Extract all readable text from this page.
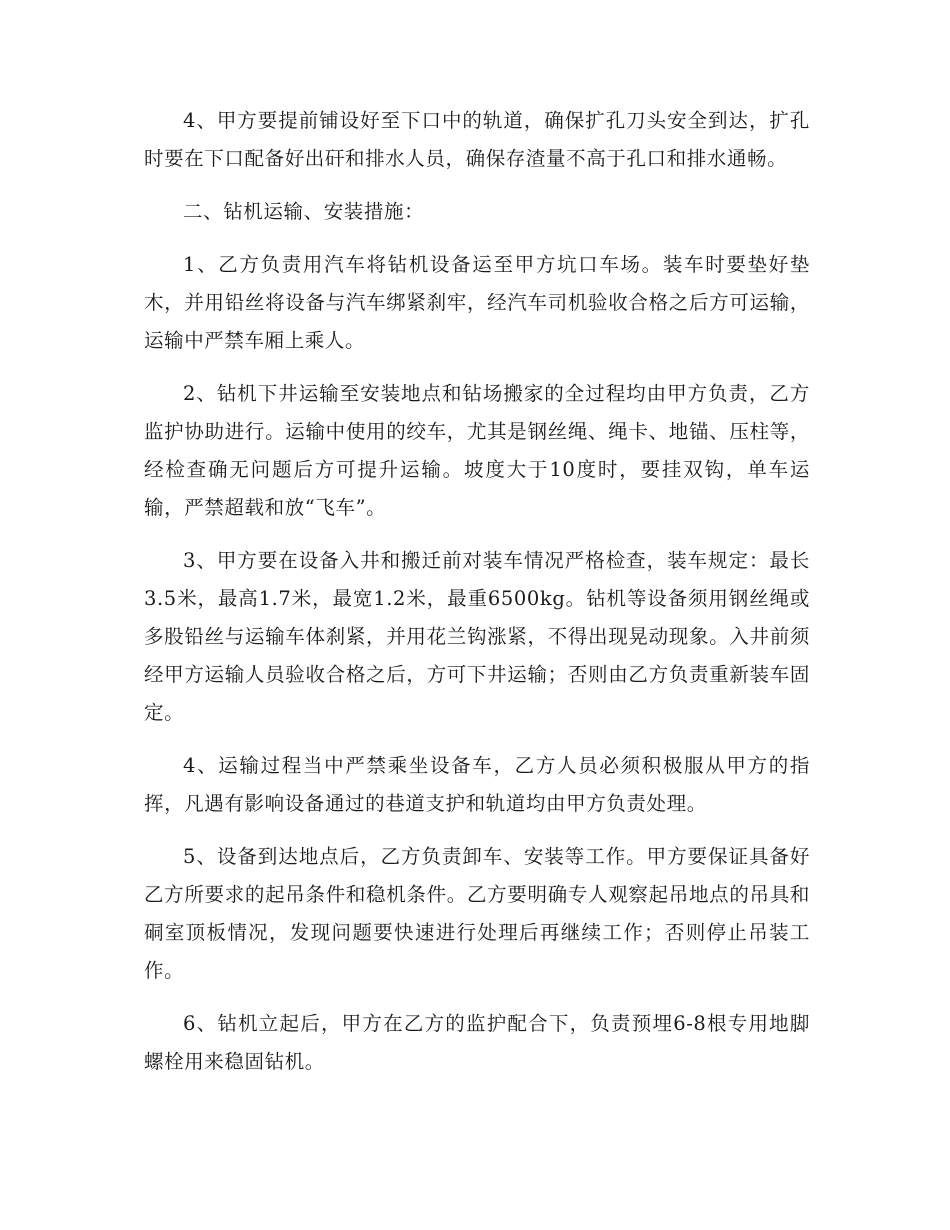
4、甲方要提前铺设好至下口中的轨道，确保扩孔刀头安全到达，扩孔时要在下口配备好出矸和排水人员，确保存渣量不高于孔口和排水通畅。

二、钻机运输、安装措施：

1、乙方负责用汽车将钻机设备运至甲方坑口车场。装车时要垫好垫木，并用铅丝将设备与汽车绑紧刹牢，经汽车司机验收合格之后方可运输，运输中严禁车厢上乘人。

2、钻机下井运输至安装地点和钻场搬家的全过程均由甲方负责，乙方监护协助进行。运输中使用的绞车，尤其是钢丝绳、绳卡、地锚、压柱等，经检查确无问题后方可提升运输。坡度大于10度时，要挂双钩，单车运输，严禁超载和放“飞车”。

3、甲方要在设备入井和搬迁前对装车情况严格检查，装车规定：最长3.5米，最高1.7米，最宽1.2米，最重6500kg。钻机等设备须用钢丝绳或多股铅丝与运输车体刹紧，并用花兰钩涨紧，不得出现晃动现象。入井前须经甲方运输人员验收合格之后，方可下井运输；否则由乙方负责重新装车固定。

4、运输过程当中严禁乘坐设备车，乙方人员必须积极服从甲方的指挥，凡遇有影响设备通过的巷道支护和轨道均由甲方负责处理。

5、设备到达地点后，乙方负责卸车、安装等工作。甲方要保证具备好乙方所要求的起吊条件和稳机条件。乙方要明确专人观察起吊地点的吊具和硐室顶板情况，发现问题要快速进行处理后再继续工作；否则停止吊装工作。

6、钻机立起后，甲方在乙方的监护配合下，负责预埋6-8根专用地脚螺栓用来稳固钻机。
